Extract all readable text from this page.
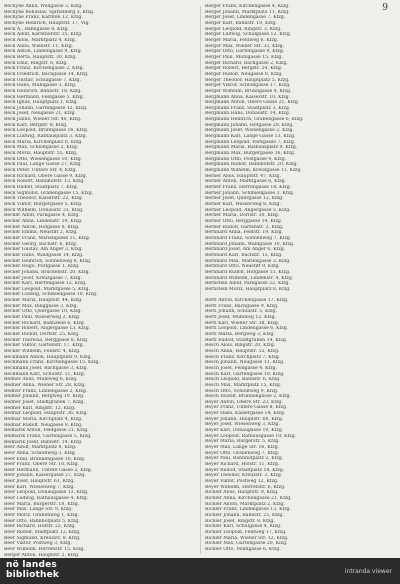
9
Bechyně Anna, Wollgasse 3, Kfzg.
Bechyně Bohuslav, Spittelberg 3, Kfzg.
Bechyně Franz, Kärnten 12, Kfzg.
Bechyně Heinrich, Hauptstr. 17, Vlg.
Beck A., Bahngasse 8, Kfzg.
Beck Adolf, Kärntnerstr. 25, Kfzg.
Beck Alois, Marktplatz 4, Kfzg.
Beck Anna, Wienstr. 11, Kfzg.
Beck Anton, Lindengasse 9, Kfzg.
Beck Berta, Hauptstr. 30, Kfzg.
Beck Emil, Ringstr. 6, Kfzg.
Beck Franz, Kirchengasse 2, Kfzg.
Beck Friedrich, Bachgasse 14, Kfzg.
Beck Gustav, Schulgasse 7, Kfzg.
Beck Hans, Mühlgasse 3, Kfzg.
Beck Heinrich, Bahnstr. 18, Kfzg.
Beck Hermann, Feldgasse 5, Kfzg.
Beck Ignaz, Hauptplatz 1, Kfzg.
Beck Johann, Gartengasse 12, Kfzg.
Beck Josef, Neugasse 21, Kfzg.
Beck Julius, Wiener Str. 40, Kfzg.
Beck Karl, Bergstr. 8, Kfzg.
Beck Leopold, Brunngasse 16, Kfzg.
Beck Ludwig, Rathausplatz 3, Kfzg.
Beck Maria, Kirchenplatz 6, Kfzg.
Beck Max, Schloßgasse 2, Kfzg.
Beck Moriz, Hauptstr. 55, Kfzg.
Beck Otto, Wiesengasse 10, Kfzg.
Beck Paul, Lange Gasse 27, Kfzg.
Beck Peter, Untere Str. 4, Kfzg.
Beck Richard, Obere Gasse 9, Kfzg.
Beck Robert, Bahnhofstr. 13, Kfzg.
Beck Rudolf, Stadtplatz 7, Kfzg.
Beck Sigmund, Grabengasse 15, Kfzg.
Beck Theodor, Kaiserstr. 22, Kfzg.
Beck Viktor, Bürgergasse 5, Kfzg.
Beck Wilhelm, Donaustr. 31, Kfzg.
Becker Adolf, Parkgasse 4, Kfzg.
Becker Anna, Lindenstr. 19, Kfzg.
Becker Anton, Hofgasse 8, Kfzg.
Becker Emma, Neustift 2, Kfzg.
Becker Franz, Mariengasse 11, Kfzg.
Becker Georg, Bachstr. 6, Kfzg.
Becker Gustav, Am Anger 3, Kfzg.
Becker Hans, Waldgasse 14, Kfzg.
Becker Heinrich, Sonnenweg 9, Kfzg.
Becker Hugo, Postgasse 1, Kfzg.
Becker Johann, Brückenstr. 20, Kfzg.
Becker Josef, Kreuzgasse 7, Kfzg.
Becker Karl, Herrengasse 12, Kfzg.
Becker Leopold, Marktgasse 5, Kfzg.
Becker Ludwig, Schmiedgasse 18, Kfzg.
Becker Maria, Hauptstr. 44, Kfzg.
Becker Max, Ringgasse 3, Kfzg.
Becker Otto, Quergasse 10, Kfzg.
Becker Paul, Wasserweg 2, Kfzg.
Becker Richard, Bahnzeile 6, Kfzg.
Becker Robert, Angergasse 13, Kfzg.
Becker Rudolf, Dorfstr. 25, Kfzg.
Becker Theresia, Berggasse 8, Kfzg.
Becker Viktor, Gartenstr. 17, Kfzg.
Becker Wilhelm, Feldstr. 4, Kfzg.
Beckmann Anton, Hauptplatz 9, Kfzg.
Beckmann Franz, Kirchengasse 15, Kfzg.
Beckmann Josef, Bachgasse 3, Kfzg.
Beckmann Karl, Schulstr. 11, Kfzg.
Bedner Alois, Mühlweg 6, Kfzg.
Bedner Anna, Wiener Str. 28, Kfzg.
Bedner Franz, Lindengasse 2, Kfzg.
Bedner Johann, Bergweg 19, Kfzg.
Bedner Josef, Stadtgraben 7, Kfzg.
Bedner Karl, Ringstr. 12, Kfzg.
Bednar Leopold, Hauptstr. 36, Kfzg.
Bednar Maria, Kirchplatz 4, Kfzg.
Bednar Rudolf, Neugasse 9, Kfzg.
Bednarik Anton, Feldgasse 21, Kfzg.
Bednarik Franz, Gartengasse 5, Kfzg.
Bednarik Josef, Bahnstr. 14, Kfzg.
Beer Adolf, Marktplatz 8, Kfzg.
Beer Anna, Schloßweg 3, Kfzg.
Beer Emil, Brunnengasse 10, Kfzg.
Beer Franz, Obere Str. 16, Kfzg.
Beer Hermann, Untere Gasse 2, Kfzg.
Beer Johann, Kaisergasse 27, Kfzg.
Beer Josef, Hauptstr. 61, Kfzg.
Beer Karl, Wiesenweg 7, Kfzg.
Beer Leopold, Donaugasse 13, Kfzg.
Beer Ludwig, Rathausgasse 4, Kfzg.
Beer Maria, Bürgerstr. 18, Kfzg.
Beer Max, Lange Str. 9, Kfzg.
Beer Moriz, Grabenweg 1, Kfzg.
Beer Otto, Bahnhofplatz 5, Kfzg.
Beer Richard, Hofstr. 22, Kfzg.
Beer Rudolf, Stadtplatz 12, Kfzg.
Beer Sigmund, Kreuzstr. 8, Kfzg.
Beer Viktor, Postweg 3, Kfzg.
Beer Wilhelm, Herrenstr. 15, Kfzg.
Berger Anton, Hauptstr. 2, Kfzg.
Berger Franz, Kirchengasse 4, Kfzg.
Berger Johann, Marktplatz 11, Kfzg.
Berger Josef, Lindengasse 7, Kfzg.
Berger Karl, Bahnstr. 19, Kfzg.
Berger Leopold, Ringstr. 3, Kfzg.
Berger Ludwig, Schulgasse 12, Kfzg.
Berger Maria, Feldweg 6, Kfzg.
Berger Max, Wiener Str. 33, Kfzg.
Berger Otto, Gartengasse 9, Kfzg.
Berger Paul, Mühlgasse 15, Kfzg.
Berger Richard, Bachgasse 2, Kfzg.
Berger Robert, Bergstr. 24, Kfzg.
Berger Rudolf, Neugasse 8, Kfzg.
Berger Theodor, Hauptplatz 5, Kfzg.
Berger Viktor, Schloßgasse 17, Kfzg.
Berger Wilhelm, Brunngasse 4, Kfzg.
Bergmann Anna, Kaiserstr. 10, Kfzg.
Bergmann Anton, Obere Gasse 21, Kfzg.
Bergmann Franz, Stadtplatz 3, Kfzg.
Bergmann Hans, Donaustr. 14, Kfzg.
Bergmann Heinrich, Grabengasse 6, Kfzg.
Bergmann Johann, Hofgasse 28, Kfzg.
Bergmann Josef, Wiesengasse 2, Kfzg.
Bergmann Karl, Lange Gasse 13, Kfzg.
Bergmann Leopold, Parkgasse 7, Kfzg.
Bergmann Maria, Rathausplatz 9, Kfzg.
Bergmann Max, Bürgergasse 16, Kfzg.
Bergmann Otto, Postgasse 4, Kfzg.
Bergmann Rudolf, Bahnhofstr. 20, Kfzg.
Bergmann Wilhelm, Kreuzgasse 11, Kfzg.
Berner Alois, Hauptstr. 47, Kfzg.
Berner Anton, Marktgasse 6, Kfzg.
Berner Franz, Herrengasse 18, Kfzg.
Berner Johann, Schmiedgasse 3, Kfzg.
Berner Josef, Quergasse 12, Kfzg.
Berner Karl, Wasserweg 8, Kfzg.
Berner Leopold, Angergasse 5, Kfzg.
Berner Maria, Dorfstr. 30, Kfzg.
Berner Otto, Berggasse 14, Kfzg.
Berner Rudolf, Gartenstr. 2, Kfzg.
Bernhard Anna, Feldstr. 19, Kfzg.
Bernhard Franz, Sonnenweg 7, Kfzg.
Bernhard Johann, Waldgasse 10, Kfzg.
Bernhard Josef, Am Anger 6, Kfzg.
Bernhard Karl, Bachstr. 13, Kfzg.
Bernhard Max, Mariengasse 3, Kfzg.
Bernhard Otto, Neustift 9, Kfzg.
Bernhard Rudolf, Hofgasse 15, Kfzg.
Bernhard Wilhelm, Lindenstr. 4, Kfzg.
Bernstein Adolf, Parkgasse 22, Kfzg.
Bernstein Moriz, Hauptplatz 8, Kfzg.
Bertl Anton, Kirchengasse 17, Kfzg.
Bertl Franz, Bachgasse 9, Kfzg.
Bertl Johann, Schulstr. 5, Kfzg.
Bertl Josef, Mühlweg 12, Kfzg.
Bertl Karl, Wiener Str. 38, Kfzg.
Bertl Leopold, Lindengasse 6, Kfzg.
Bertl Maria, Bergweg 3, Kfzg.
Bertl Rudolf, Stadtgraben 14, Kfzg.
Besch Alois, Ringstr. 20, Kfzg.
Besch Anna, Hauptstr. 52, Kfzg.
Besch Franz, Kirchplatz 7, Kfzg.
Besch Johann, Neugasse 11, Kfzg.
Besch Josef, Feldgasse 4, Kfzg.
Besch Karl, Gartengasse 18, Kfzg.
Besch Leopold, Bahnstr. 6, Kfzg.
Besch Max, Marktplatz 15, Kfzg.
Besch Otto, Schloßweg 9, Kfzg.
Besch Rudolf, Brunnengasse 2, Kfzg.
Beyer Anton, Obere Str. 23, Kfzg.
Beyer Franz, Untere Gasse 8, Kfzg.
Beyer Hans, Kaisergasse 14, Kfzg.
Beyer Johann, Hauptstr. 68, Kfzg.
Beyer Josef, Wiesenweg 3, Kfzg.
Beyer Karl, Donaugasse 19, Kfzg.
Beyer Leopold, Rathausgasse 10, Kfzg.
Beyer Maria, Bürgerstr. 5, Kfzg.
Beyer Max, Lange Str. 16, Kfzg.
Beyer Otto, Grabenweg 7, Kfzg.
Beyer Paul, Bahnhofplatz 2, Kfzg.
Beyer Richard, Hofstr. 11, Kfzg.
Beyer Rudolf, Stadtplatz 18, Kfzg.
Beyer Theodor, Kreuzstr. 3, Kfzg.
Beyer Viktor, Postweg 12, Kfzg.
Beyer Wilhelm, Herrenstr. 6, Kfzg.
Bichler Alois, Hauptstr. 9, Kfzg.
Bichler Anna, Kirchengasse 21, Kfzg.
Bichler Anton, Marktplatz 2, Kfzg.
Bichler Franz, Lindengasse 13, Kfzg.
Bichler Johann, Bahnstr. 25, Kfzg.
Bichler Josef, Ringstr. 8, Kfzg.
Bichler Karl, Schulgasse 4, Kfzg.
Bichler Leopold, Feldweg 17, Kfzg.
Bichler Maria, Wiener Str. 12, Kfzg.
Bichler Max, Gartengasse 20, Kfzg.
Bichler Otto, Mühlgasse 6, Kfzg.
nö landes
bibliothek	intranda viewer
